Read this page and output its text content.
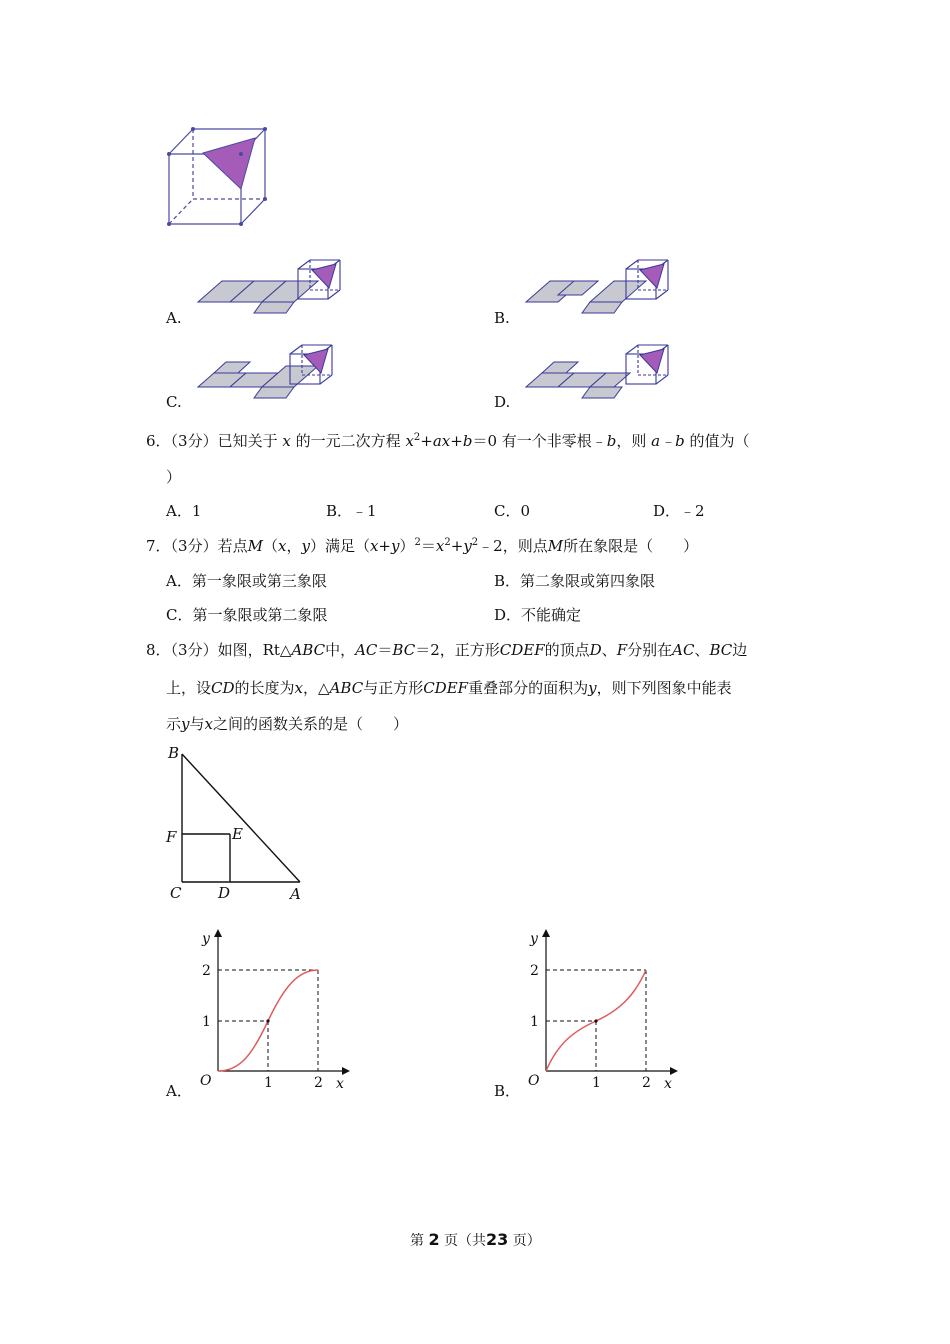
A.	B.
C.	D.
6．（3分）已知关于 x 的一元二次方程 $x^2+ax+b=0$ 有一个非零根﹣b，则 a﹣b 的值为（
）
A．1	B．﹣1	C．0	D．﹣2
7．（3分）若点M（x，y）满足$(x+y)^2=x^2+y^2﹣2$，则点M所在象限是（　　）
A．第一象限或第三象限	B．第二象限或第四象限
C．第一象限或第二象限	D．不能确定
8．（3分）如图，Rt△ABC中，AC＝BC＝2，正方形CDEF的顶点D、F分别在AC、BC边
上，设CD的长度为x，△ABC与正方形CDEF重叠部分的面积为y，则下列图象中能表
示y与x之间的函数关系的是（　　）
B
F	E
C D	A
y
x
O	1	2
1
2
A．
y
x
O	1	2
1
2
B．
第 2 页（共23 页）
